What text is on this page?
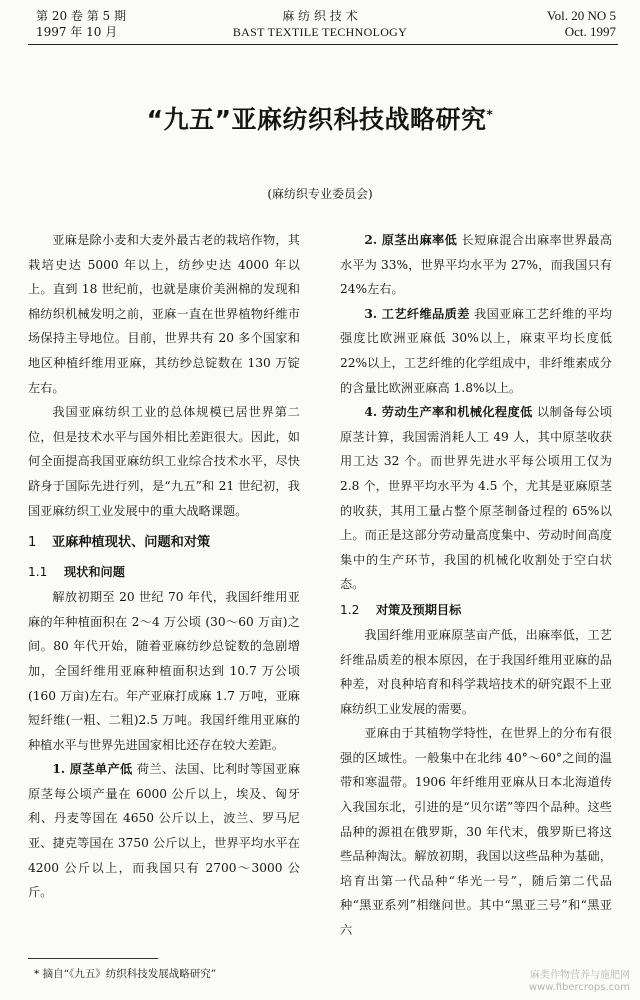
第 20 卷 第 5 期
1997 年 10 月
麻 纺 织 技 术
BAST TEXTILE TECHNOLOGY
Vol. 20 NO 5
Oct. 1997
“九五”亚麻纺织科技战略研究*
(麻纺织专业委员会)

亚麻是除小麦和大麦外最古老的栽培作物，其栽培史达 5000 年以上，纺纱史达 4000 年以上。直到 18 世纪前，也就是康价美洲棉的发现和棉纺织机械发明之前，亚麻一直在世界植物纤维市场保持主导地位。目前，世界共有 20 多个国家和地区种植纤维用亚麻，其纺纱总锭数在 130 万锭左右。

我国亚麻纺织工业的总体规模已居世界第二位，但是技术水平与国外相比差距很大。因此，如何全面提高我国亚麻纺织工业综合技术水平，尽快跻身于国际先进行列，是“九五”和 21 世纪初，我国亚麻纺织工业发展中的重大战略课题。

1 亚麻种植现状、问题和对策
1.1 现状和问题

解放初期至 20 世纪 70 年代，我国纤维用亚麻的年种植面积在 2～4 万公顷 (30～60 万亩)之间。80 年代开始，随着亚麻纺纱总锭数的急剧增加，全国纤维用亚麻种植面积达到 10.7 万公顷(160 万亩)左右。年产亚麻打成麻 1.7 万吨，亚麻短纤维(一粗、二粗)2.5 万吨。我国纤维用亚麻的种植水平与世界先进国家相比还存在较大差距。

1. 原茎单产低 荷兰、法国、比利时等国亚麻原茎每公顷产量在 6000 公斤以上，埃及、匈牙利、丹麦等国在 4650 公斤以上，波兰、罗马尼亚、捷克等国在 3750 公斤以上，世界平均水平在 4200 公斤以上，而我国只有 2700～3000 公斤。

2. 原茎出麻率低 长短麻混合出麻率世界最高水平为 33%，世界平均水平为 27%，而我国只有 24%左右。

3. 工艺纤维品质差 我国亚麻工艺纤维的平均强度比欧洲亚麻低 30%以上，麻束平均长度低 22%以上，工艺纤维的化学组成中，非纤维素成分的含量比欧洲亚麻高 1.8%以上。

4. 劳动生产率和机械化程度低 以制备每公顷原茎计算，我国需消耗人工 49 人，其中原茎收获用工达 32 个。而世界先进水平每公顷用工仅为 2.8 个，世界平均水平为 4.5 个，尤其是亚麻原茎的收获，其用工量占整个原茎制备过程的 65%以上。而正是这部分劳动量高度集中、劳动时间高度集中的生产环节，我国的机械化收割处于空白状态。

1.2 对策及预期目标

我国纤维用亚麻原茎亩产低，出麻率低，工艺纤维品质差的根本原因，在于我国纤维用亚麻的品种差，对良种培育和科学栽培技术的研究跟不上亚麻纺织工业发展的需要。

亚麻由于其植物学特性，在世界上的分布有很强的区域性。一般集中在北纬 40°～60°之间的温带和寒温带。1906 年纤维用亚麻从日本北海道传入我国东北，引进的是“贝尔诺”等四个品种。这些品种的源祖在俄罗斯，30 年代末，俄罗斯已将这些品种淘汰。解放初期，我国以这些品种为基础，培育出第一代品种“华光一号”，随后第二代品种“黑亚系列”相继问世。其中“黑亚三号”和“黑亚六

* 摘自“《九五》纺织科技发展战略研究”	麻类作物营养与施肥网
www.fibercrops.com
